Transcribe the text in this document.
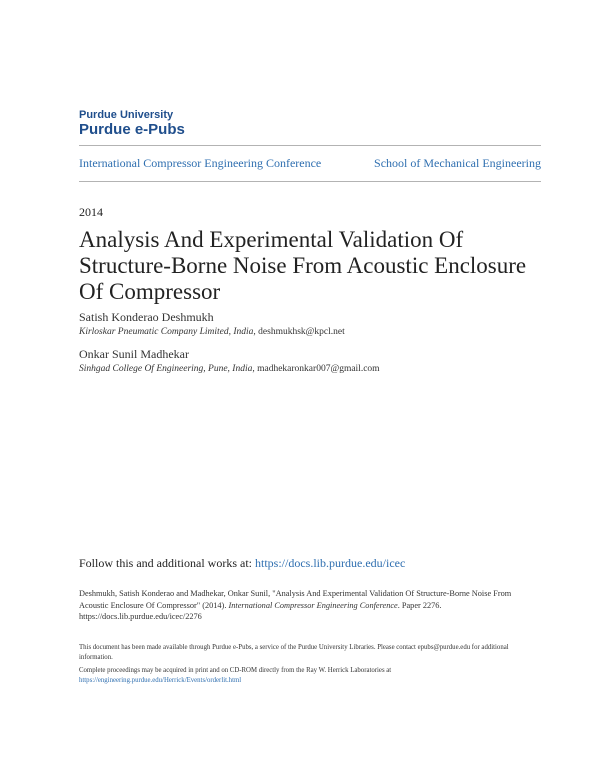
Purdue University
Purdue e-Pubs
International Compressor Engineering Conference	School of Mechanical Engineering
2014
Analysis And Experimental Validation Of Structure-Borne Noise From Acoustic Enclosure Of Compressor
Satish Konderao Deshmukh
Kirloskar Pneumatic Company Limited, India, deshmukhsk@kpcl.net
Onkar Sunil Madhekar
Sinhgad College Of Engineering, Pune, India, madhekaronkar007@gmail.com
Follow this and additional works at: https://docs.lib.purdue.edu/icec
Deshmukh, Satish Konderao and Madhekar, Onkar Sunil, "Analysis And Experimental Validation Of Structure-Borne Noise From Acoustic Enclosure Of Compressor" (2014). International Compressor Engineering Conference. Paper 2276.
https://docs.lib.purdue.edu/icec/2276
This document has been made available through Purdue e-Pubs, a service of the Purdue University Libraries. Please contact epubs@purdue.edu for additional information.
Complete proceedings may be acquired in print and on CD-ROM directly from the Ray W. Herrick Laboratories at https://engineering.purdue.edu/Herrick/Events/orderlit.html
